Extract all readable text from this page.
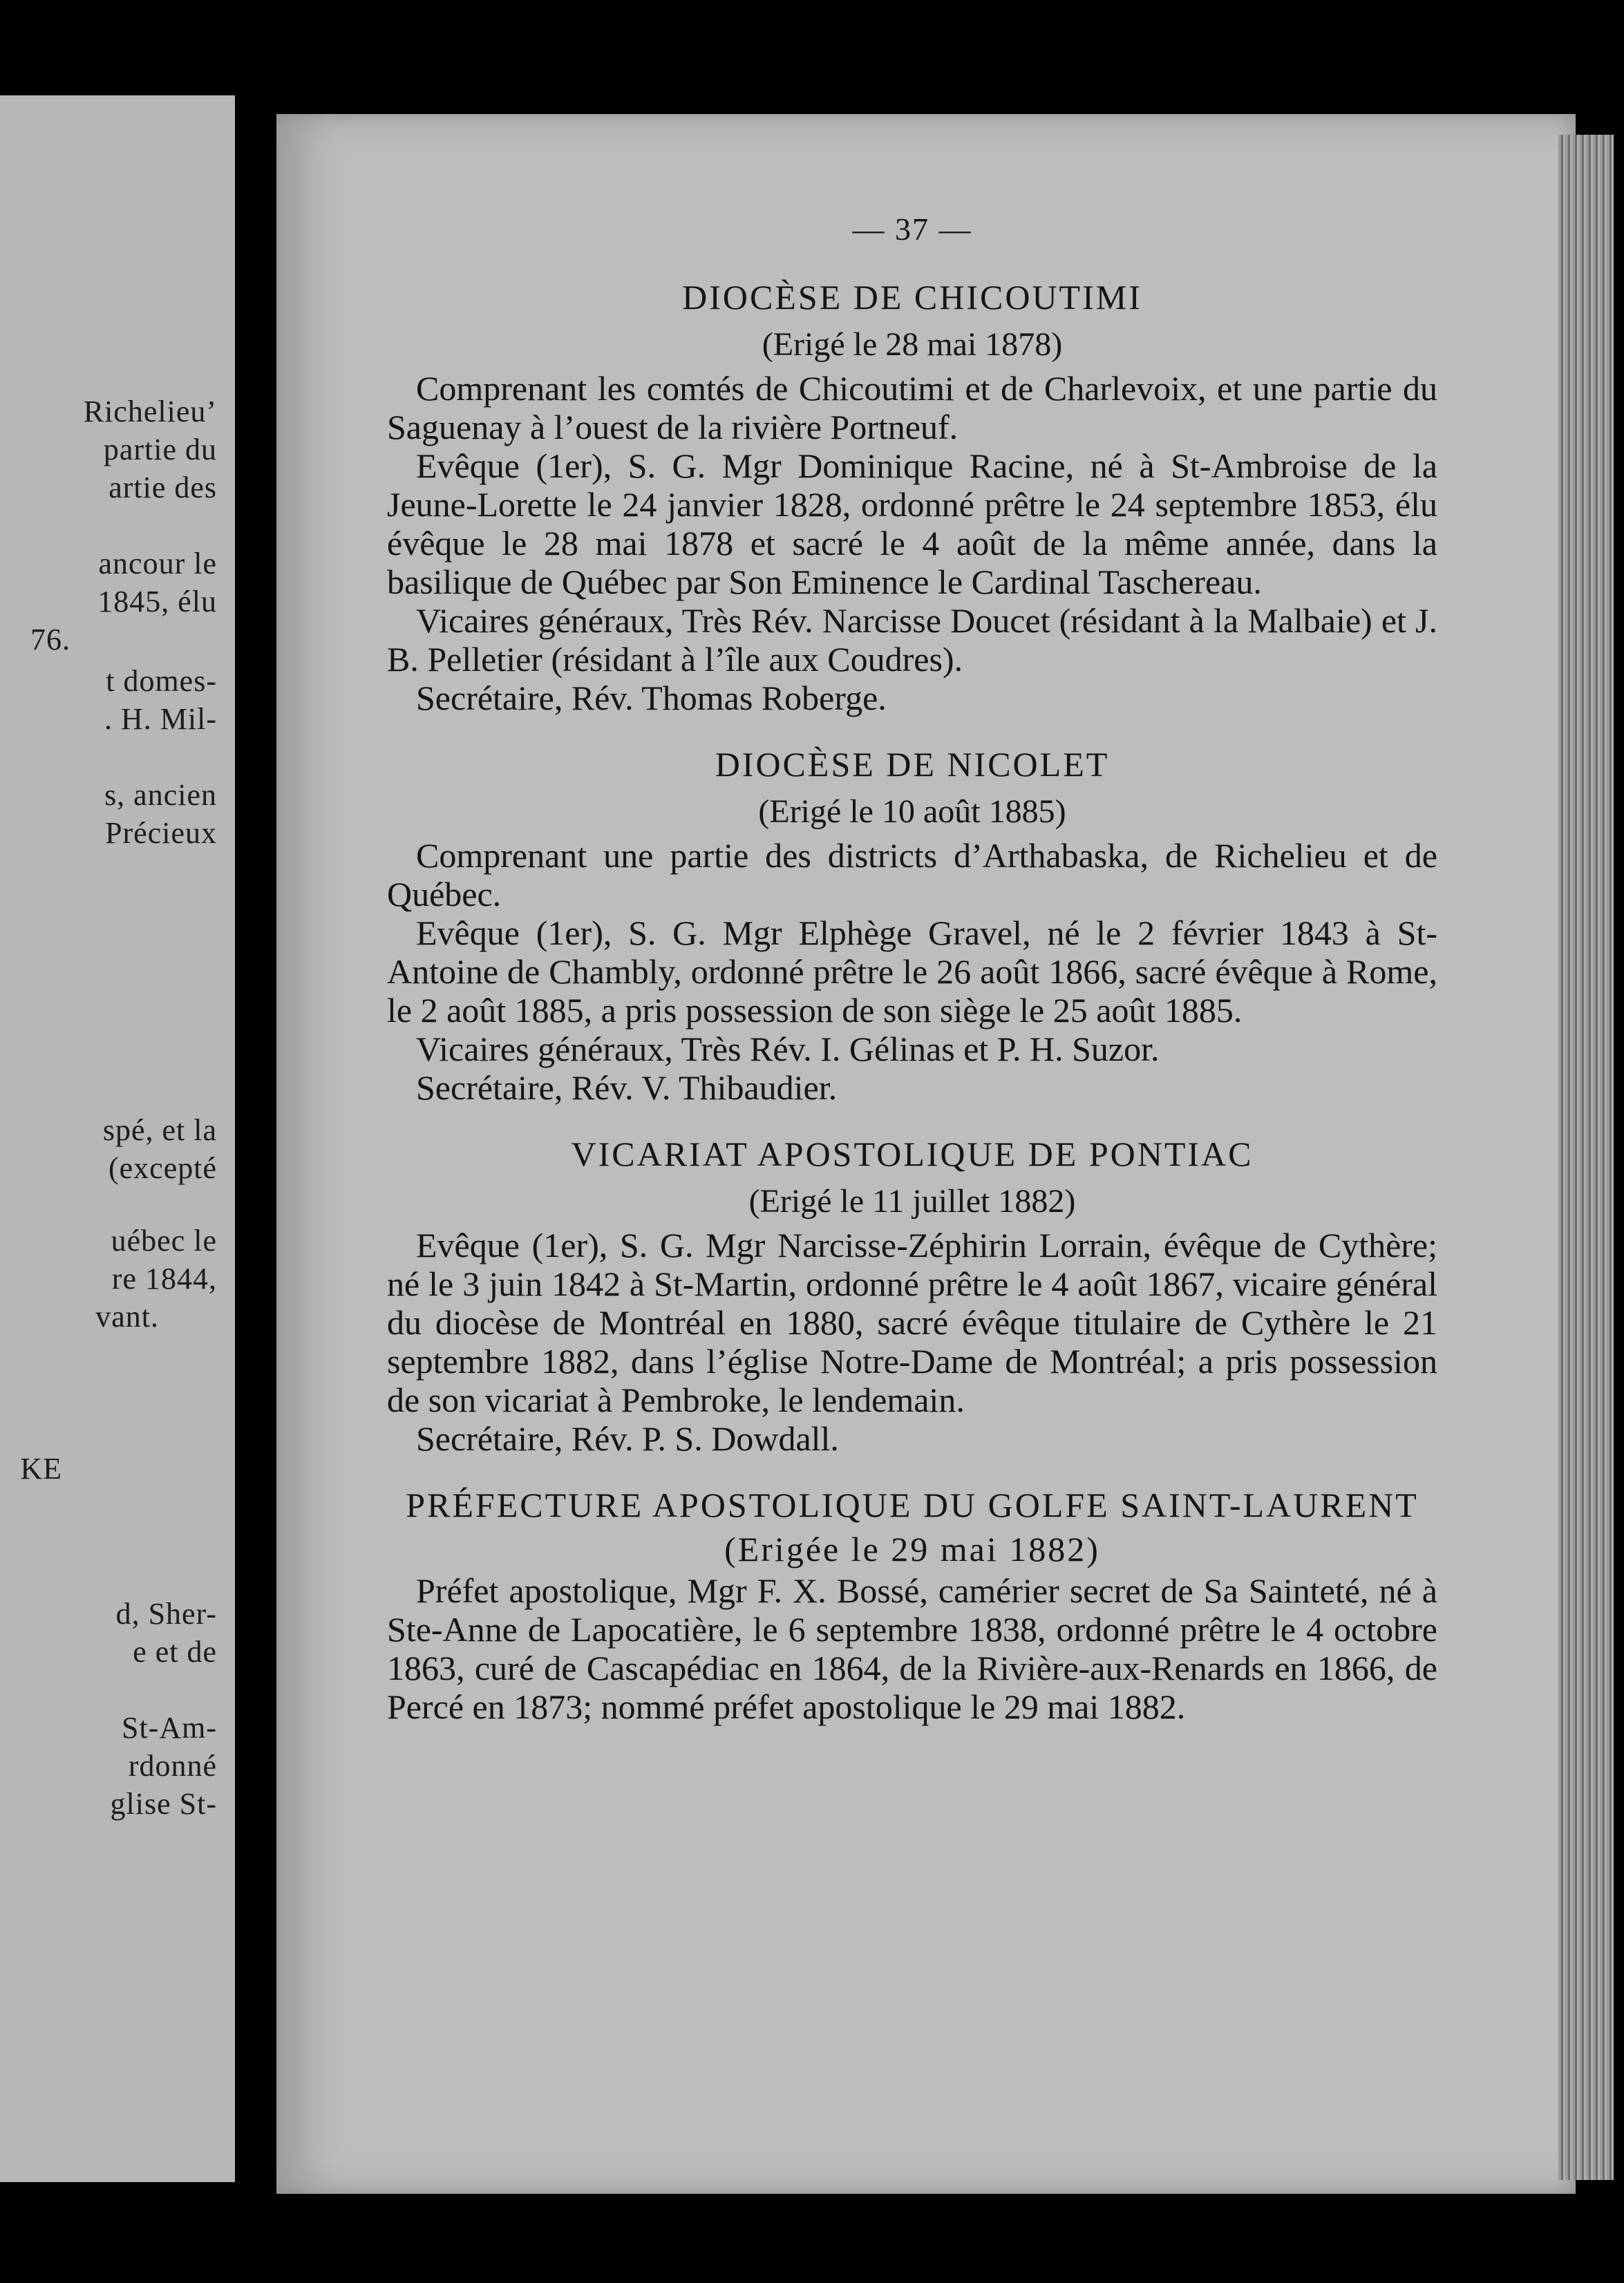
Richelieu’
partie du
artie des
ancour le
1845, élu
76.
t domes-
. H. Mil-
s, ancien
Précieux
spé, et la
(excepté
uébec le
re 1844,
vant.
KE
d, Sher-
e et de
St-Am-
rdonné
glise St-

— 37 —

DIOCÈSE DE CHICOUTIMI

(Erigé le 28 mai 1878)

Comprenant les comtés de Chicoutimi et de Charlevoix, et une partie du Saguenay à l’ouest de la rivière Portneuf.

Evêque (1er), S. G. Mgr Dominique Racine, né à St-Ambroise de la Jeune-Lorette le 24 janvier 1828, ordonné prêtre le 24 septembre 1853, élu évêque le 28 mai 1878 et sacré le 4 août de la même année, dans la basilique de Québec par Son Eminence le Cardinal Taschereau.

Vicaires généraux, Très Rév. Narcisse Doucet (résidant à la Malbaie) et J. B. Pelletier (résidant à l’île aux Coudres).

Secrétaire, Rév. Thomas Roberge.

DIOCÈSE DE NICOLET

(Erigé le 10 août 1885)

Comprenant une partie des districts d’Arthabaska, de Richelieu et de Québec.

Evêque (1er), S. G. Mgr Elphège Gravel, né le 2 février 1843 à St-Antoine de Chambly, ordonné prêtre le 26 août 1866, sacré évêque à Rome, le 2 août 1885, a pris possession de son siège le 25 août 1885.

Vicaires généraux, Très Rév. I. Gélinas et P. H. Suzor.

Secrétaire, Rév. V. Thibaudier.

VICARIAT APOSTOLIQUE DE PONTIAC

(Erigé le 11 juillet 1882)

Evêque (1er), S. G. Mgr Narcisse-Zéphirin Lorrain, évêque de Cythère; né le 3 juin 1842 à St-Martin, ordonné prêtre le 4 août 1867, vicaire général du diocèse de Montréal en 1880, sacré évêque titulaire de Cythère le 21 septembre 1882, dans l’église Notre-Dame de Montréal; a pris possession de son vicariat à Pembroke, le lendemain.

Secrétaire, Rév. P. S. Dowdall.

PRÉFECTURE APOSTOLIQUE DU GOLFE SAINT-LAURENT (Erigée le 29 mai 1882)

Préfet apostolique, Mgr F. X. Bossé, camérier secret de Sa Sainteté, né à Ste-Anne de Lapocatière, le 6 septembre 1838, ordonné prêtre le 4 octobre 1863, curé de Cascapédiac en 1864, de la Rivière-aux-Renards en 1866, de Percé en 1873; nommé préfet apostolique le 29 mai 1882.
